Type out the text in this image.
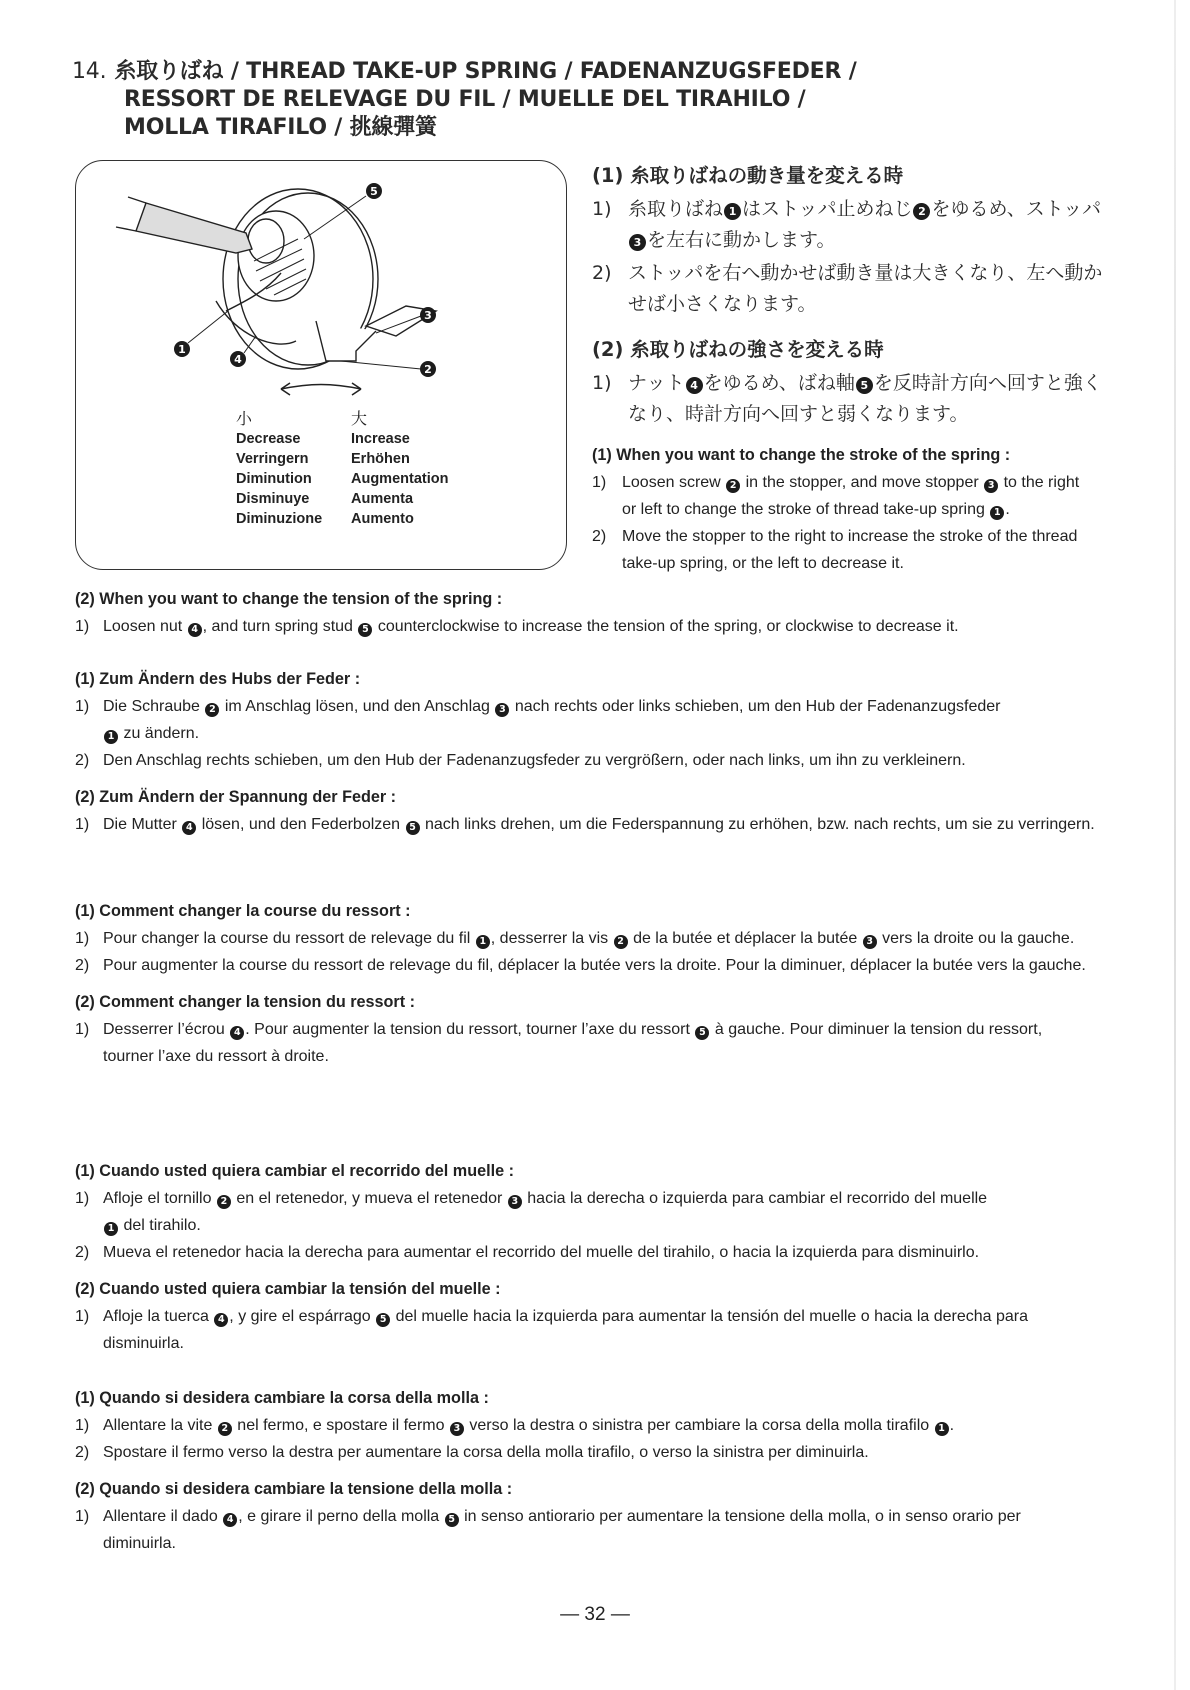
14. 糸取りばね / THREAD TAKE-UP SPRING / FADENANZUGSFEDER /
RESSORT DE RELEVAGE DU FIL / MUELLE DEL TIRAHILO /
MOLLA TIRAFILO / 挑線彈簧
5
1
4
3
2
小	大
Decrease	Increase
Verringern	Erhöhen
Diminution	Augmentation
Disminuye	Aumenta
Diminuzione	Aumento
(1) 糸取りばねの動き量を変える時
1) 糸取りばね 1 はストッパ止めねじ 2 をゆるめ、ストッパ3 を左右に動かします。
2) ストッパを右へ動かせば動き量は大きくなり、左へ動かせば小さくなります。
(2) 糸取りばねの強さを変える時
1) ナット 4 をゆるめ、ばね軸 5 を反時計方向へ回すと強くなり、時計方向へ回すと弱くなります。
(1) When you want to change the stroke of the spring :
1) Loosen screw 2 in the stopper, and move stopper 3 to the right or left to change the stroke of thread take-up spring 1 .
2) Move the stopper to the right to increase the stroke of the thread take-up spring, or the left to decrease it.
(2) When you want to change the tension of the spring :
1) Loosen nut 4 , and turn spring stud 5 counterclockwise to increase the tension of the spring, or clockwise to decrease it.
(1) Zum Ändern des Hubs der Feder :
1) Die Schraube 2 im Anschlag lösen, und den Anschlag 3 nach rechts oder links schieben, um den Hub der Fadenanzugsfeder
1 zu ändern.
2) Den Anschlag rechts schieben, um den Hub der Fadenanzugsfeder zu vergrößern, oder nach links, um ihn zu verkleinern.
(2) Zum Ändern der Spannung der Feder :
1) Die Mutter 4 lösen, und den Federbolzen 5 nach links drehen, um die Federspannung zu erhöhen, bzw. nach rechts, um sie zu verringern.
(1) Comment changer la course du ressort :
1) Pour changer la course du ressort de relevage du fil 1 , desserrer la vis 2 de la butée et déplacer la butée 3 vers la droite ou la gauche.
2) Pour augmenter la course du ressort de relevage du fil, déplacer la butée vers la droite. Pour la diminuer, déplacer la butée vers la gauche.
(2) Comment changer la tension du ressort :
1) Desserrer l’écrou 4 . Pour augmenter la tension du ressort, tourner l’axe du ressort 5 à gauche. Pour diminuer la tension du ressort, tourner l’axe du ressort à droite.
(1) Cuando usted quiera cambiar el recorrido del muelle :
1) Afloje el tornillo 2 en el retenedor, y mueva el retenedor 3 hacia la derecha o izquierda para cambiar el recorrido del muelle
1 del tirahilo.
2) Mueva el retenedor hacia la derecha para aumentar el recorrido del muelle del tirahilo, o hacia la izquierda para disminuirlo.
(2) Cuando usted quiera cambiar la tensión del muelle :
1) Afloje la tuerca 4 , y gire el espárrago 5 del muelle hacia la izquierda para aumentar la tensión del muelle o hacia la derecha para disminuirla.
(1) Quando si desidera cambiare la corsa della molla :
1) Allentare la vite 2 nel fermo, e spostare il fermo 3 verso la destra o sinistra per cambiare la corsa della molla tirafilo 1 .
2) Spostare il fermo verso la destra per aumentare la corsa della molla tirafilo, o verso la sinistra per diminuirla.
(2) Quando si desidera cambiare la tensione della molla :
1) Allentare il dado 4 , e girare il perno della molla 5 in senso antiorario per aumentare la tensione della molla, o in senso orario per diminuirla.
— 32 —
